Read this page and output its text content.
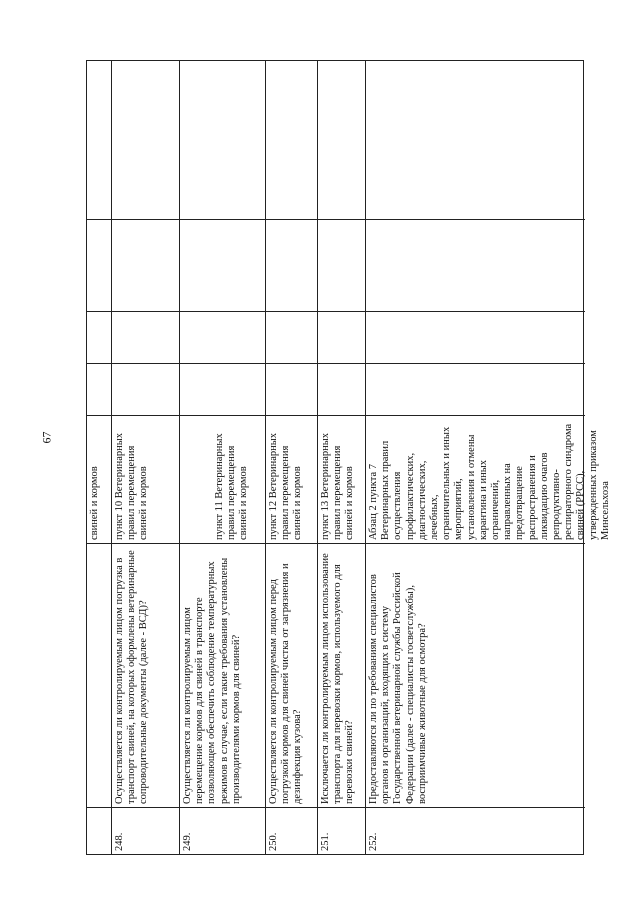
67
свиней и кормов
248.
Осуществляется ли контролируемым лицом погрузка в транспорт свиней, на которых оформлены ветеринарные сопроводительные документы (далее - ВСД)?
пункт 10 Ветеринарных правил перемещения свиней и кормов
249.
Осуществляется ли контролируемым лицом перемещение кормов для свиней в транспорте позволяющем обеспечить соблюдение температурных режимов в случае, если такие требования установлены производителями кормов для свиней?
пункт 11 Ветеринарных правил перемещения свиней и кормов
250.
Осуществляется ли контролируемым лицом перед погрузкой кормов для свиней чистка от загрязнения и дезинфекция кузова?
пункт 12 Ветеринарных правил перемещения свиней и кормов
251.
Исключается ли контролируемым лицом использование транспорта для перевозки кормов, используемого для перевозки свиней?
пункт 13 Ветеринарных правил перемещения свиней и кормов
252.
Предоставляются ли по требованиям специалистов органов и организаций, входящих в систему Государственной ветеринарной службы Российской Федерации (далее - специалисты госветслужбы), восприимчивые животные для осмотра?
Абзац 2 пункта 7 Ветеринарных правил осуществления профилактических, диагностических, лечебных, ограничительных и иных мероприятий, установления и отмены карантина и иных ограничений, направленных на предотвращение распространения и ликвидацию очагов репродуктивно-респираторного синдрома свиней (РРСС), утвержденных приказом Минсельхоза
